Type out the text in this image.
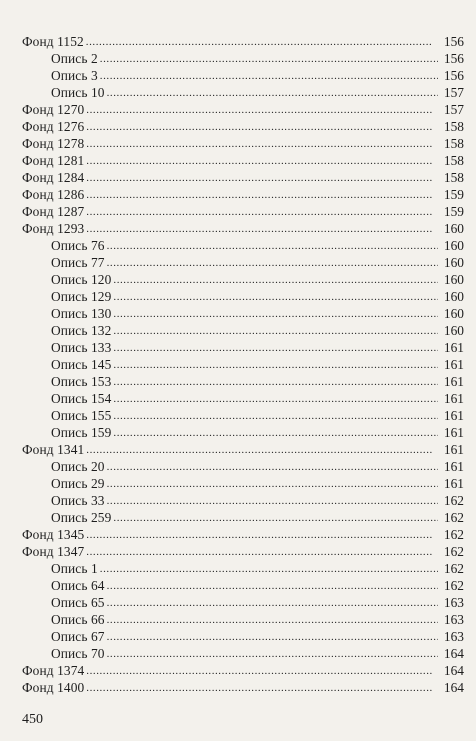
Фонд 1152 . . .	156
Опись 2 . . .	156
Опись 3 . . .	156
Опись 10 . . .	157
Фонд 1270 . . .	157
Фонд 1276 . . .	158
Фонд 1278 . . .	158
Фонд 1281 . . .	158
Фонд 1284 . . .	158
Фонд 1286 . . .	159
Фонд 1287 . . .	159
Фонд 1293 . . .	160
Опись 76 . . .	160
Опись 77 . . .	160
Опись 120 . . .	160
Опись 129 . . .	160
Опись 130 . . .	160
Опись 132 . . .	160
Опись 133 . . .	161
Опись 145 . . .	161
Опись 153 . . .	161
Опись 154 . . .	161
Опись 155 . . .	161
Опись 159 . . .	161
Фонд 1341 . . .	161
Опись 20 . . .	161
Опись 29 . . .	161
Опись 33 . . .	162
Опись 259 . . .	162
Фонд 1345 . . .	162
Фонд 1347 . . .	162
Опись 1 . . .	162
Опись 64 . . .	162
Опись 65 . . .	163
Опись 66 . . .	163
Опись 67 . . .	163
Опись 70 . . .	164
Фонд 1374 . . .	164
Фонд 1400 . . .	164
450
